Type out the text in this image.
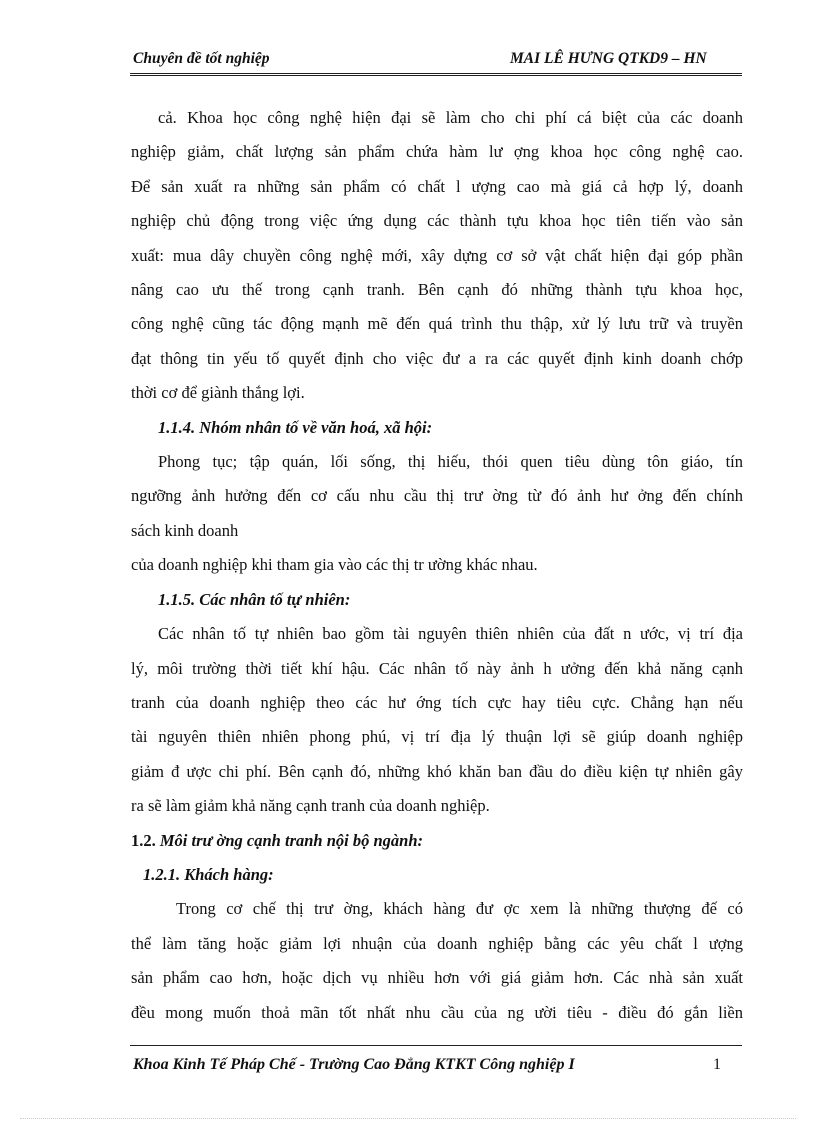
Chuyên đề tốt nghiệp	MAI LÊ HƯNG QTKD9 – HN

cả. Khoa học công nghệ hiện đại sẽ làm cho chi phí cá biệt của các doanh

nghiệp giảm, chất lượng sản phẩm chứa hàm lư ợng khoa học công nghệ cao.

Để sản xuất ra những sản phẩm có chất l ượng cao mà giá cả hợp lý, doanh

nghiệp chủ động trong việc ứng dụng các thành tựu khoa học tiên tiến vào sản

xuất: mua dây chuyền công nghệ mới, xây dựng cơ sở vật chất hiện đại góp phần

nâng cao ưu thế trong cạnh tranh. Bên cạnh đó những thành tựu khoa học,

công nghệ cũng tác động mạnh mẽ đến quá trình thu thập, xử lý lưu trữ và truyền

đạt thông tin yếu tố quyết định cho việc đư a ra các quyết định kinh doanh chớp

thời cơ để giành thắng lợi.

1.1.4. Nhóm nhân tố về văn hoá, xã hội:

Phong tục; tập quán, lối sống, thị hiếu, thói quen tiêu dùng tôn giáo, tín

ngưỡng ảnh hưởng đến cơ cấu nhu cầu thị trư ờng từ đó ảnh hư ởng đến chính

sách kinh doanh

của doanh nghiệp khi tham gia vào các thị tr ường khác nhau.

1.1.5. Các nhân tố tự nhiên:

Các nhân tố tự nhiên bao gồm tài nguyên thiên nhiên của đất n ước, vị trí địa

lý, môi trường thời tiết khí hậu. Các nhân tố này ảnh h ưởng đến khả năng cạnh

tranh của doanh nghiệp theo các hư ớng tích cực hay tiêu cực. Chẳng hạn nếu

tài nguyên thiên nhiên phong phú, vị trí địa lý thuận lợi sẽ giúp doanh nghiệp

giảm đ ược chi phí. Bên cạnh đó, những khó khăn ban đầu do điều kiện tự nhiên gây

ra sẽ làm giảm khả năng cạnh tranh của doanh nghiệp.

1.2. Môi trư ờng cạnh tranh nội bộ ngành:
1.2.1. Khách hàng:

Trong cơ chế thị trư ờng, khách hàng đư ợc xem là những thượng đế có

thể làm tăng hoặc giảm lợi nhuận của doanh nghiệp bằng các yêu chất l ượng

sản phẩm cao hơn, hoặc dịch vụ nhiều hơn với giá giảm hơn. Các nhà sản xuất

đều mong muốn thoả mãn tốt nhất nhu cầu của ng ười tiêu - điều đó gắn liền

Khoa Kinh Tế Pháp Chế - Trường Cao Đẳng KTKT Công nghiệp I	1
